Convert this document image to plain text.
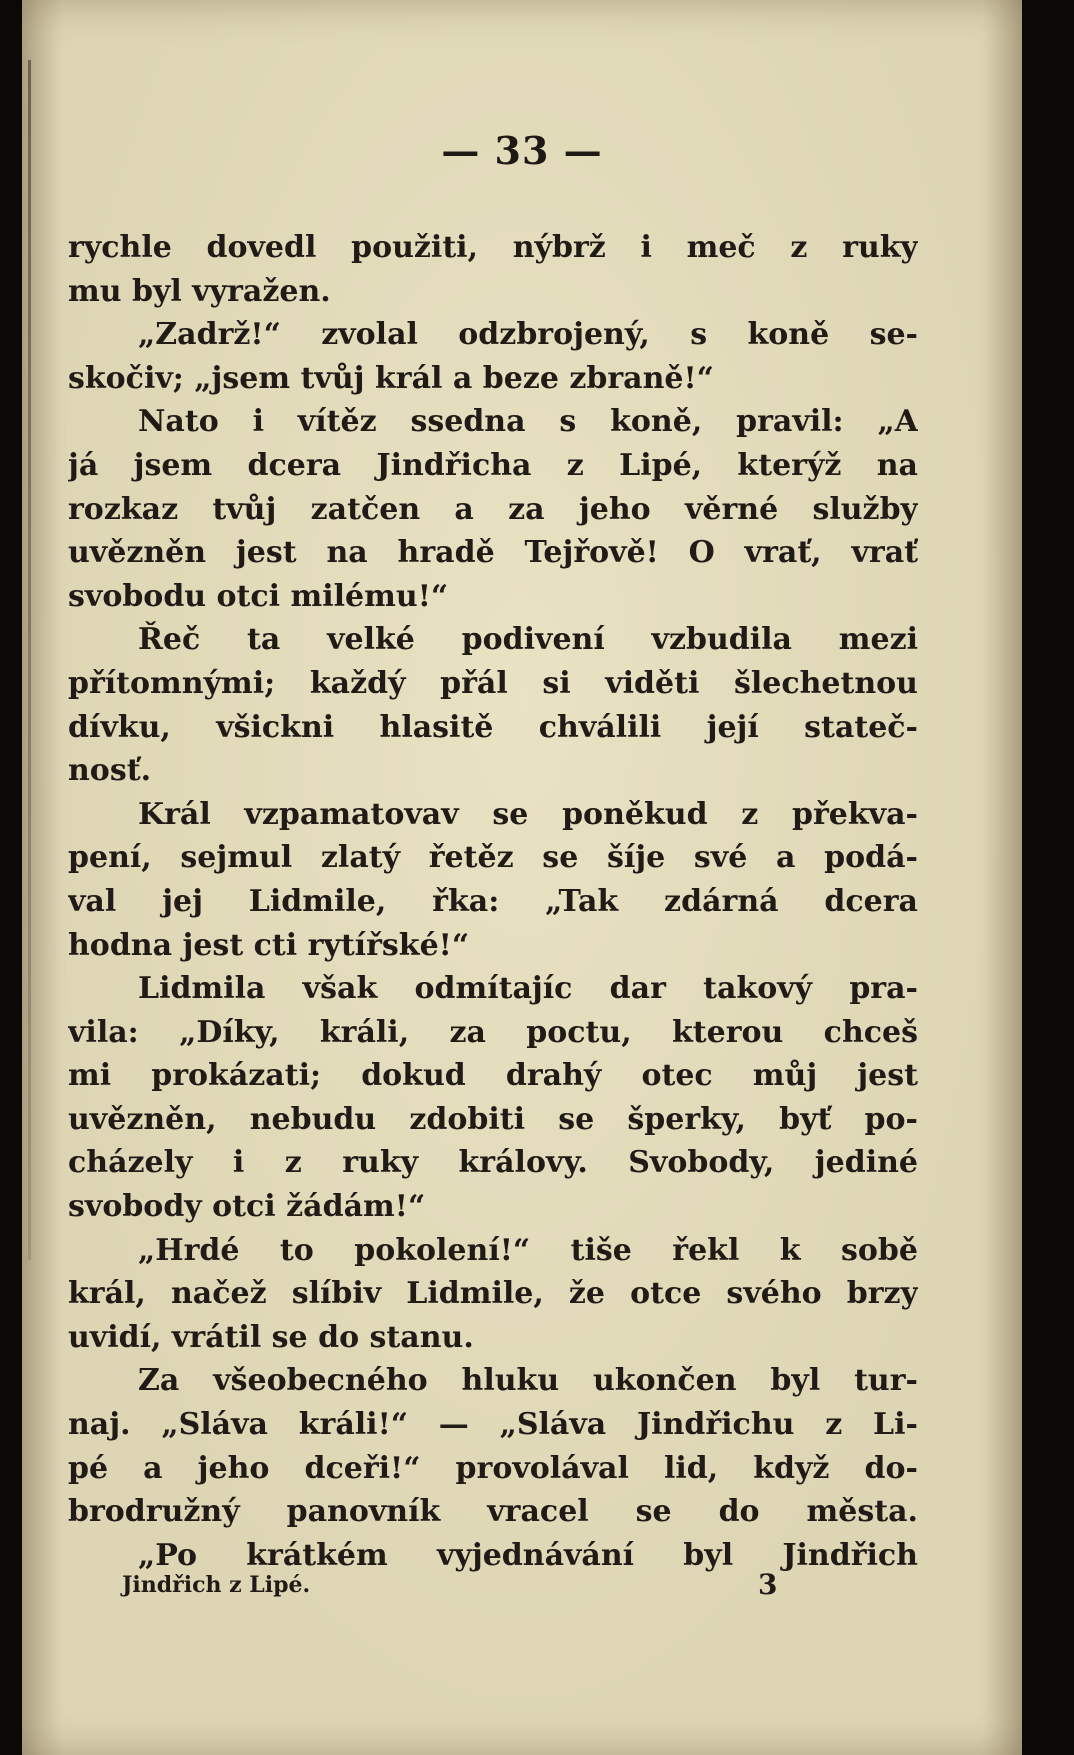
— 33 —
rychle dovedl použiti, nýbrž i meč z ruky
mu byl vyražen.
„Zadrž!“ zvolal odzbrojený, s koně se-
skočiv; „jsem tvůj král a beze zbraně!“
Nato i vítěz ssedna s koně, pravil: „A
já jsem dcera Jindřicha z Lipé, kterýž na
rozkaz tvůj zatčen a za jeho věrné služby
uvězněn jest na hradě Tejřově! O vrať, vrať
svobodu otci milému!“
Řeč ta velké podivení vzbudila mezi
přítomnými; každý přál si viděti šlechetnou
dívku, všickni hlasitě chválili její stateč-
nosť.
Král vzpamatovav se poněkud z překva-
pení, sejmul zlatý řetěz se šíje své a podá-
val jej Lidmile, řka: „Tak zdárná dcera
hodna jest cti rytířské!“
Lidmila však odmítajíc dar takový pra-
vila: „Díky, králi, za poctu, kterou chceš
mi prokázati; dokud drahý otec můj jest
uvězněn, nebudu zdobiti se šperky, byť po-
cházely i z ruky královy. Svobody, jediné
svobody otci žádám!“
„Hrdé to pokolení!“ tiše řekl k sobě
král, načež slíbiv Lidmile, že otce svého brzy
uvidí, vrátil se do stanu.
Za všeobecného hluku ukončen byl tur-
naj. „Sláva králi!“ — „Sláva Jindřichu z Li-
pé a jeho dceři!“ provolával lid, když do-
brodružný panovník vracel se do města.
„Po krátkém vyjednávání byl Jindřich
Jindřich z Lipé.	3
